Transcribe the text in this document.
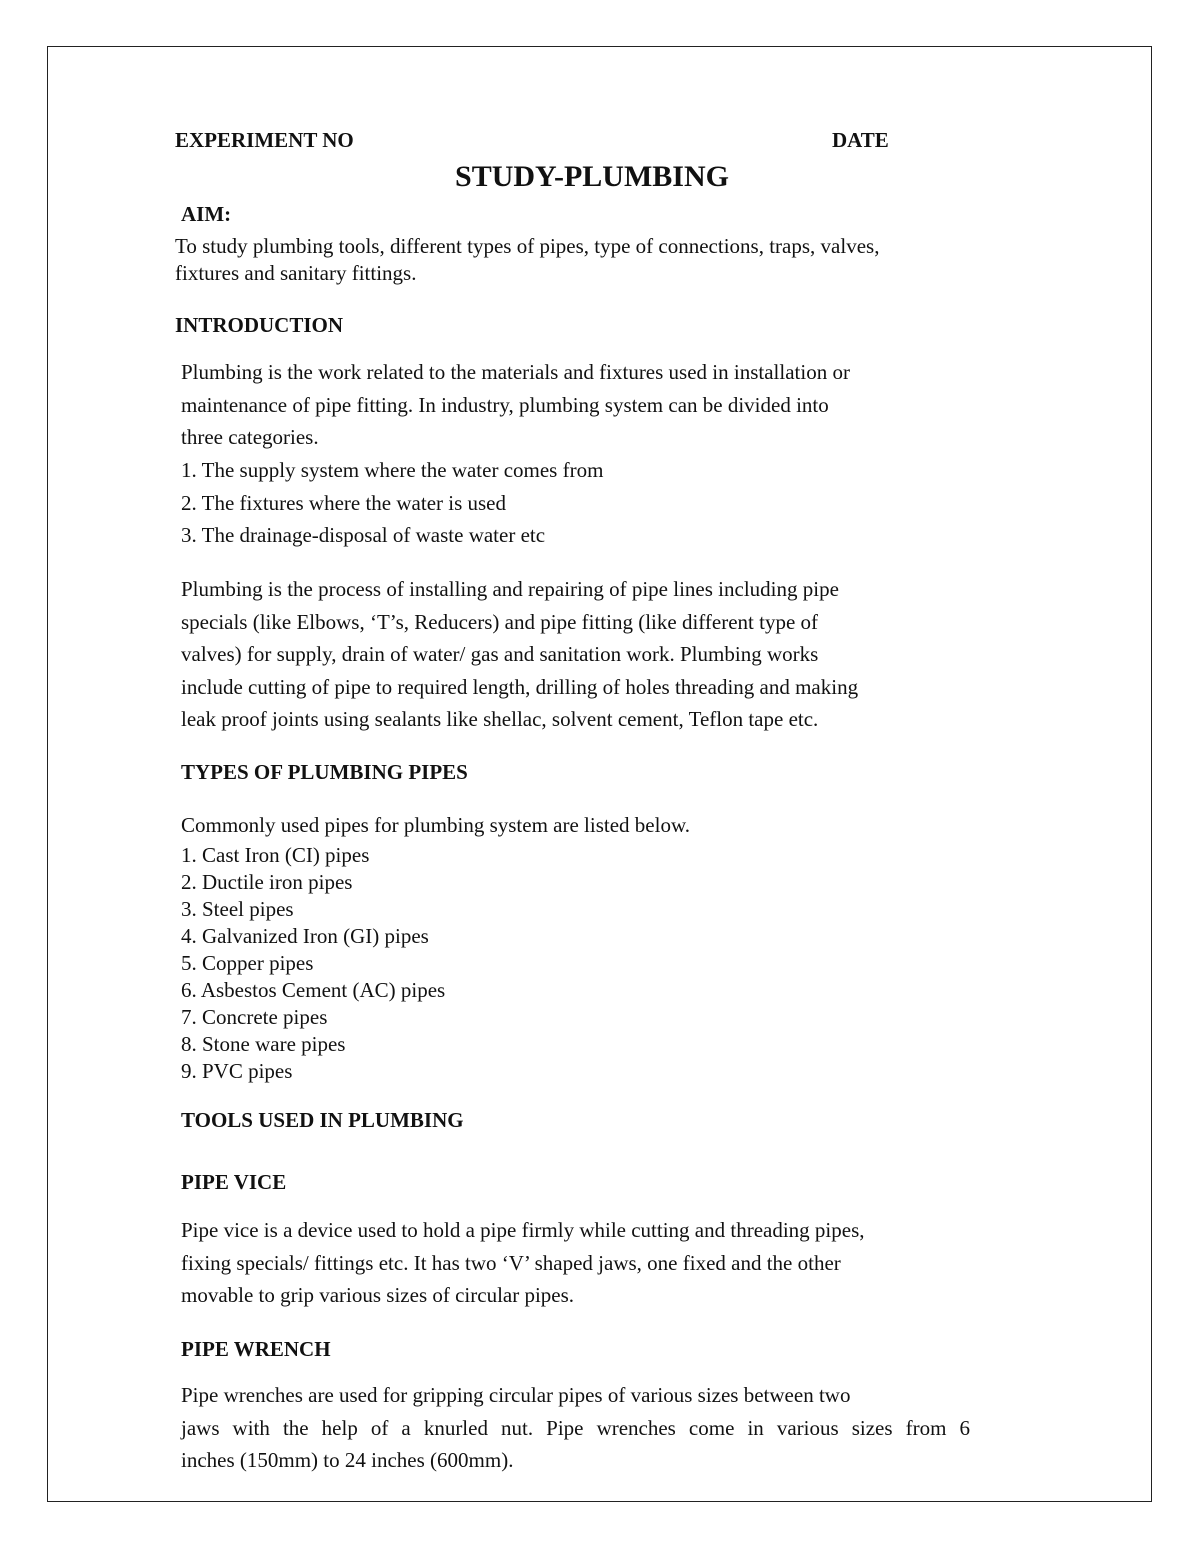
EXPERIMENT NO	DATE
STUDY-PLUMBING
AIM:
To study plumbing tools, different types of pipes, type of connections, traps, valves,
fixtures and sanitary fittings.
INTRODUCTION
Plumbing is the work related to the materials and fixtures used in installation or
maintenance of pipe fitting. In industry, plumbing system can be divided into
three categories.
1. The supply system where the water comes from
2. The fixtures where the water is used
3. The drainage-disposal of waste water etc
Plumbing is the process of installing and repairing of pipe lines including pipe
specials (like Elbows, ‘T’s, Reducers) and pipe fitting (like different type of
valves) for supply, drain of water/ gas and sanitation work. Plumbing works
include cutting of pipe to required length, drilling of holes threading and making
leak proof joints using sealants like shellac, solvent cement, Teflon tape etc.
TYPES OF PLUMBING PIPES
Commonly used pipes for plumbing system are listed below.
1. Cast Iron (CI) pipes
2. Ductile iron pipes
3. Steel pipes
4. Galvanized Iron (GI) pipes
5. Copper pipes
6. Asbestos Cement (AC) pipes
7. Concrete pipes
8. Stone ware pipes
9. PVC pipes
TOOLS USED IN PLUMBING
PIPE VICE
Pipe vice is a device used to hold a pipe firmly while cutting and threading pipes,
fixing specials/ fittings etc. It has two ‘V’ shaped jaws, one fixed and the other
movable to grip various sizes of circular pipes.
PIPE WRENCH
Pipe wrenches are used for gripping circular pipes of various sizes between two
jaws with the help of a knurled nut. Pipe wrenches come in various sizes from 6
inches (150mm) to 24 inches (600mm).
